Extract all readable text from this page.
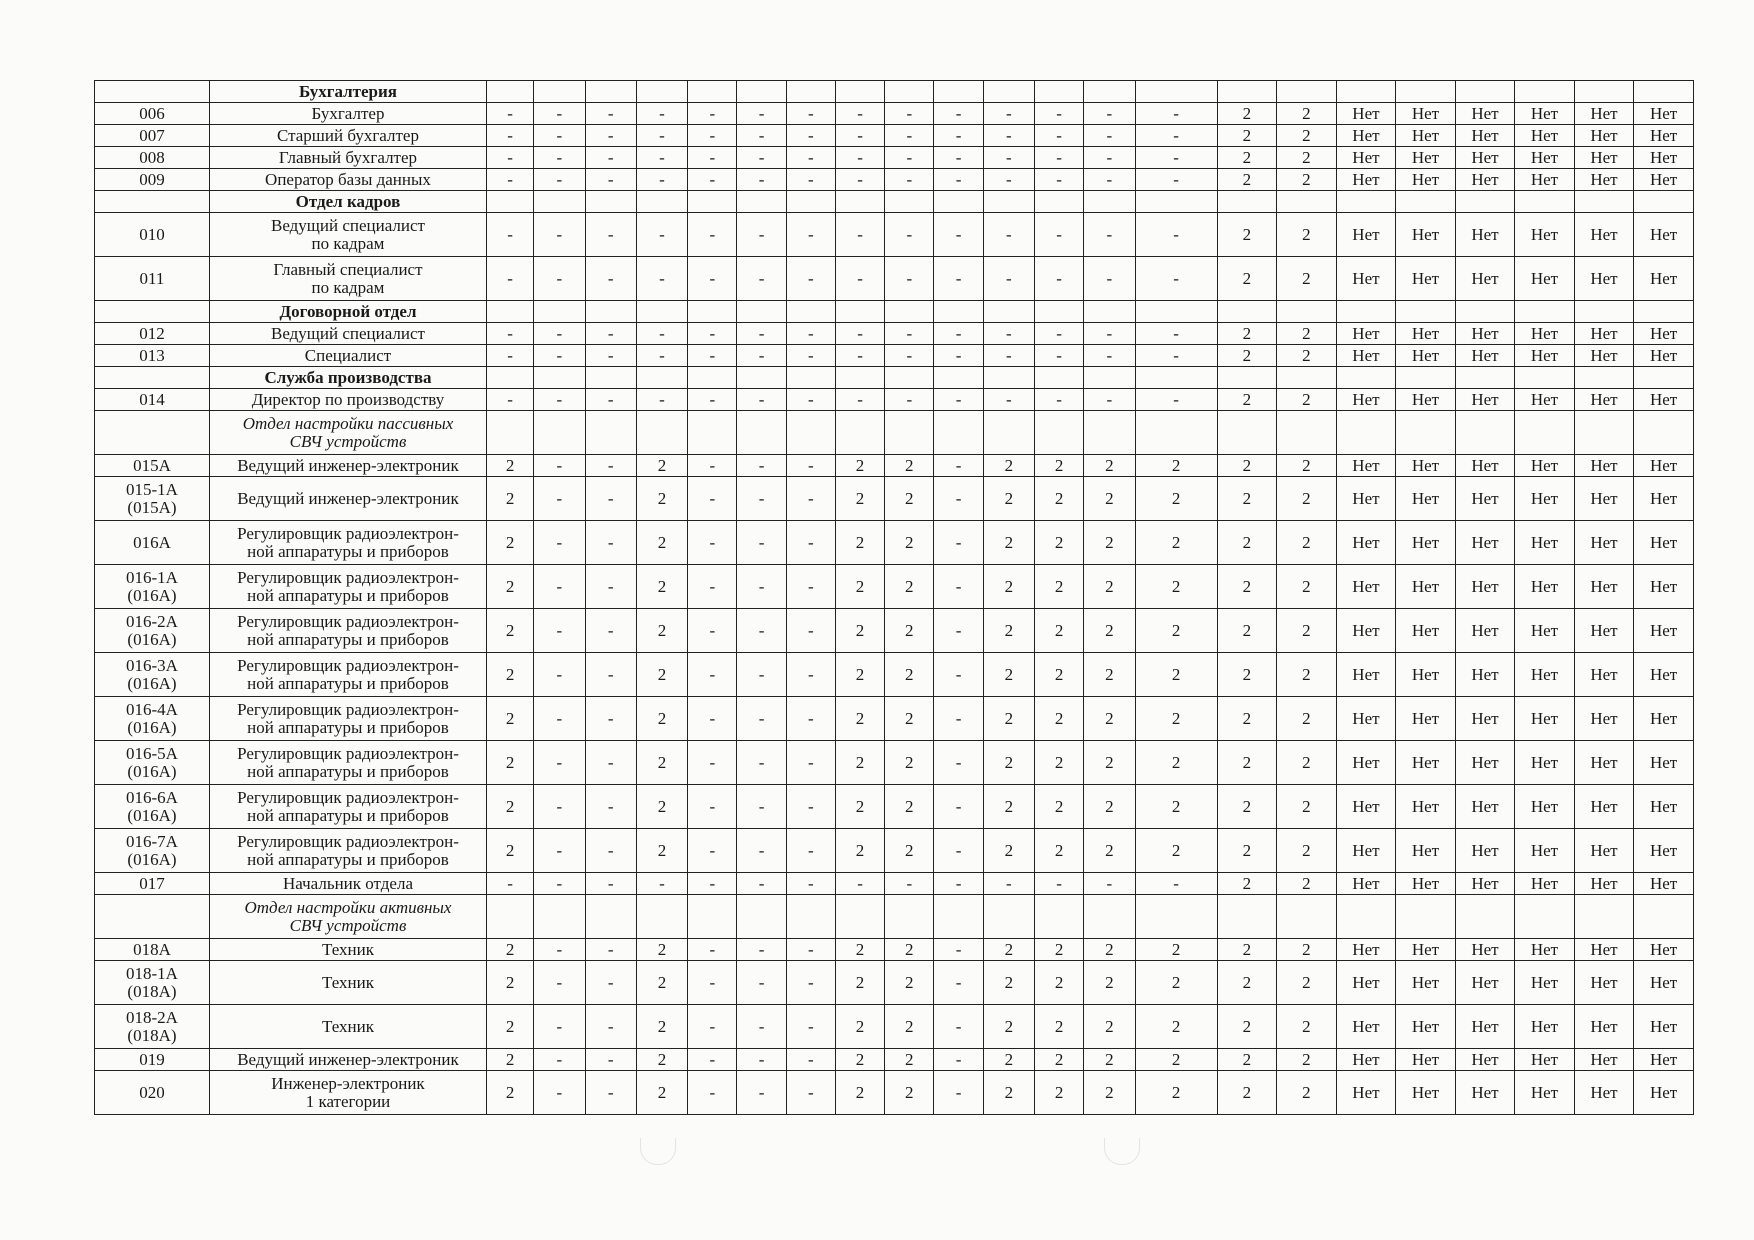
	Бухгалтерия																						
006	Бухгалтер	-	-	-	-	-	-	-	-	-	-	-	-	-	-	2	2	Нет	Нет	Нет	Нет	Нет	Нет
007	Старший бухгалтер	-	-	-	-	-	-	-	-	-	-	-	-	-	-	2	2	Нет	Нет	Нет	Нет	Нет	Нет
008	Главный бухгалтер	-	-	-	-	-	-	-	-	-	-	-	-	-	-	2	2	Нет	Нет	Нет	Нет	Нет	Нет
009	Оператор базы данных	-	-	-	-	-	-	-	-	-	-	-	-	-	-	2	2	Нет	Нет	Нет	Нет	Нет	Нет
	Отдел кадров																						
010	Ведущий специалист
по кадрам	-	-	-	-	-	-	-	-	-	-	-	-	-	-	2	2	Нет	Нет	Нет	Нет	Нет	Нет
011	Главный специалист
по кадрам	-	-	-	-	-	-	-	-	-	-	-	-	-	-	2	2	Нет	Нет	Нет	Нет	Нет	Нет
	Договорной отдел																						
012	Ведущий специалист	-	-	-	-	-	-	-	-	-	-	-	-	-	-	2	2	Нет	Нет	Нет	Нет	Нет	Нет
013	Специалист	-	-	-	-	-	-	-	-	-	-	-	-	-	-	2	2	Нет	Нет	Нет	Нет	Нет	Нет
	Служба производства																						
014	Директор по производству	-	-	-	-	-	-	-	-	-	-	-	-	-	-	2	2	Нет	Нет	Нет	Нет	Нет	Нет
	Отдел настройки пассивных
СВЧ устройств																						
015А	Ведущий инженер-электроник	2	-	-	2	-	-	-	2	2	-	2	2	2	2	2	2	Нет	Нет	Нет	Нет	Нет	Нет
015-1А
(015А)	Ведущий инженер-электроник	2	-	-	2	-	-	-	2	2	-	2	2	2	2	2	2	Нет	Нет	Нет	Нет	Нет	Нет
016А	Регулировщик радиоэлектрон-
ной аппаратуры и приборов	2	-	-	2	-	-	-	2	2	-	2	2	2	2	2	2	Нет	Нет	Нет	Нет	Нет	Нет
016-1А
(016А)	Регулировщик радиоэлектрон-
ной аппаратуры и приборов	2	-	-	2	-	-	-	2	2	-	2	2	2	2	2	2	Нет	Нет	Нет	Нет	Нет	Нет
016-2А
(016А)	Регулировщик радиоэлектрон-
ной аппаратуры и приборов	2	-	-	2	-	-	-	2	2	-	2	2	2	2	2	2	Нет	Нет	Нет	Нет	Нет	Нет
016-3А
(016А)	Регулировщик радиоэлектрон-
ной аппаратуры и приборов	2	-	-	2	-	-	-	2	2	-	2	2	2	2	2	2	Нет	Нет	Нет	Нет	Нет	Нет
016-4А
(016А)	Регулировщик радиоэлектрон-
ной аппаратуры и приборов	2	-	-	2	-	-	-	2	2	-	2	2	2	2	2	2	Нет	Нет	Нет	Нет	Нет	Нет
016-5А
(016А)	Регулировщик радиоэлектрон-
ной аппаратуры и приборов	2	-	-	2	-	-	-	2	2	-	2	2	2	2	2	2	Нет	Нет	Нет	Нет	Нет	Нет
016-6А
(016А)	Регулировщик радиоэлектрон-
ной аппаратуры и приборов	2	-	-	2	-	-	-	2	2	-	2	2	2	2	2	2	Нет	Нет	Нет	Нет	Нет	Нет
016-7А
(016А)	Регулировщик радиоэлектрон-
ной аппаратуры и приборов	2	-	-	2	-	-	-	2	2	-	2	2	2	2	2	2	Нет	Нет	Нет	Нет	Нет	Нет
017	Начальник отдела	-	-	-	-	-	-	-	-	-	-	-	-	-	-	2	2	Нет	Нет	Нет	Нет	Нет	Нет
	Отдел настройки активных
СВЧ устройств																						
018А	Техник	2	-	-	2	-	-	-	2	2	-	2	2	2	2	2	2	Нет	Нет	Нет	Нет	Нет	Нет
018-1А
(018А)	Техник	2	-	-	2	-	-	-	2	2	-	2	2	2	2	2	2	Нет	Нет	Нет	Нет	Нет	Нет
018-2А
(018А)	Техник	2	-	-	2	-	-	-	2	2	-	2	2	2	2	2	2	Нет	Нет	Нет	Нет	Нет	Нет
019	Ведущий инженер-электроник	2	-	-	2	-	-	-	2	2	-	2	2	2	2	2	2	Нет	Нет	Нет	Нет	Нет	Нет
020	Инженер-электроник
1 категории	2	-	-	2	-	-	-	2	2	-	2	2	2	2	2	2	Нет	Нет	Нет	Нет	Нет	Нет
